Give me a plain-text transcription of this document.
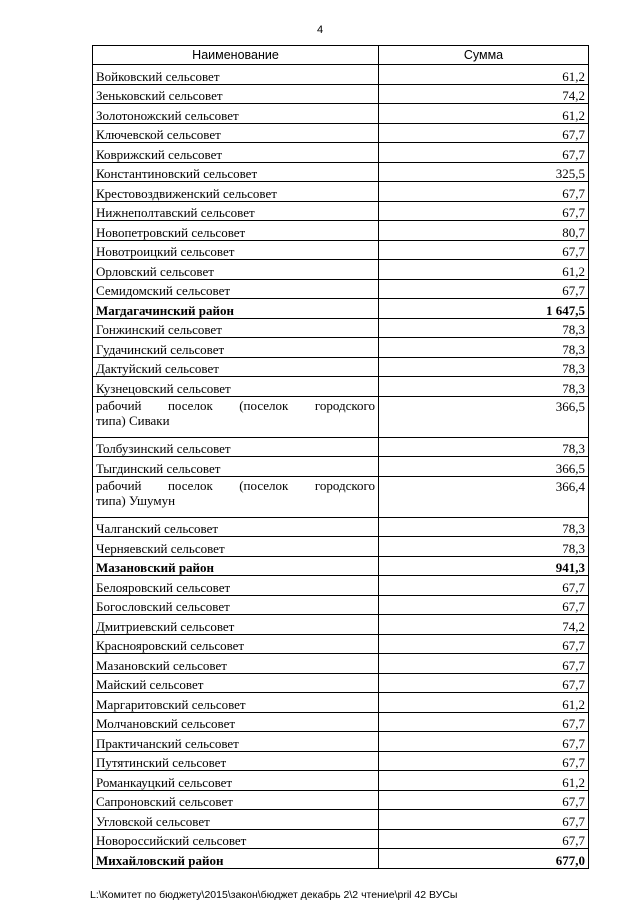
4
Наименование	Сумма
Войковский сельсовет	61,2
Зеньковский сельсовет	74,2
Золотоножский сельсовет	61,2
Ключевской сельсовет	67,7
Коврижский сельсовет	67,7
Константиновский сельсовет	325,5
Крестовоздвиженский сельсовет	67,7
Нижнеполтавский сельсовет	67,7
Новопетровский сельсовет	80,7
Новотроицкий сельсовет	67,7
Орловский сельсовет	61,2
Семидомский сельсовет	67,7
Магдагачинский район	1 647,5
Гонжинский сельсовет	78,3
Гудачинский сельсовет	78,3
Дактуйский сельсовет	78,3
Кузнецовский сельсовет	78,3
рабочий поселок (поселок городского
типа) Сиваки	366,5
Толбузинский сельсовет	78,3
Тыгдинский сельсовет	366,5
рабочий поселок (поселок городского
типа) Ушумун	366,4
Чалганский сельсовет	78,3
Черняевский сельсовет	78,3
Мазановский район	941,3
Белояровский сельсовет	67,7
Богословский сельсовет	67,7
Дмитриевский сельсовет	74,2
Краснояровский сельсовет	67,7
Мазановский сельсовет	67,7
Майский сельсовет	67,7
Маргаритовский сельсовет	61,2
Молчановский сельсовет	67,7
Практичанский сельсовет	67,7
Путятинский сельсовет	67,7
Романкауцкий сельсовет	61,2
Сапроновский сельсовет	67,7
Угловской сельсовет	67,7
Новороссийский сельсовет	67,7
Михайловский район	677,0
L:\Комитет по бюджету\2015\закон\бюджет декабрь 2\2 чтение\pril 42 ВУСы
